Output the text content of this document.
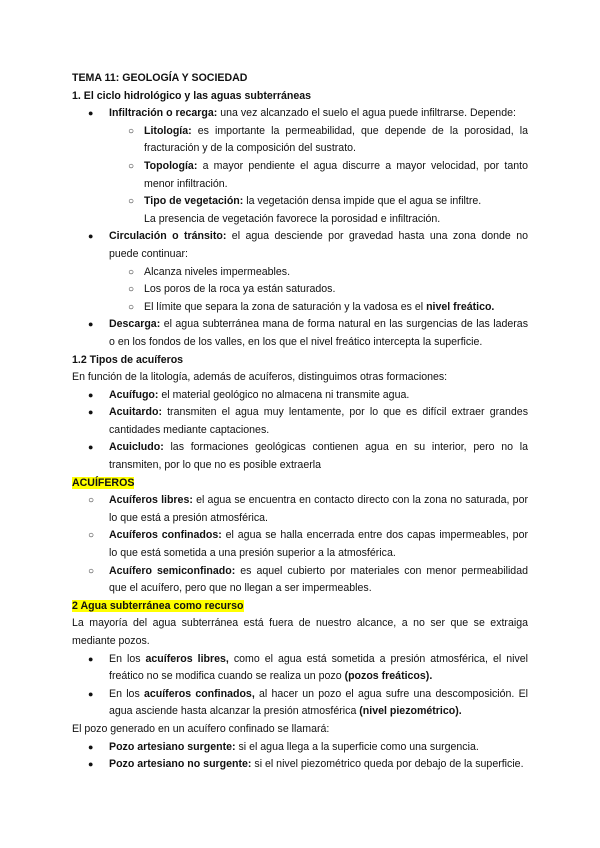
TEMA 11: GEOLOGÍA Y SOCIEDAD

1. El ciclo hidrológico y las aguas subterráneas

● Infiltración o recarga: una vez alcanzado el suelo el agua puede infiltrarse. Depende:

○ Litología: es importante la permeabilidad, que depende de la porosidad, la fracturación y de la composición del sustrato.

○ Topología: a mayor pendiente el agua discurre a mayor velocidad, por tanto menor infiltración.

○ Tipo de vegetación: la vegetación densa impide que el agua se infiltre.

La presencia de vegetación favorece la porosidad e infiltración.

● Circulación o tránsito: el agua desciende por gravedad hasta una zona donde no puede continuar:

○ Alcanza niveles impermeables.

○ Los poros de la roca ya están saturados.

○ El límite que separa la zona de saturación y la vadosa es el nivel freático.

● Descarga: el agua subterránea mana de forma natural en las surgencias de las laderas o en los fondos de los valles, en los que el nivel freático intercepta la superficie.

1.2 Tipos de acuíferos

En función de la litología, además de acuíferos, distinguimos otras formaciones:

● Acuífugo: el material geológico no almacena ni transmite agua.

● Acuitardo: transmiten el agua muy lentamente, por lo que es difícil extraer grandes cantidades mediante captaciones.

● Acuicludo: las formaciones geológicas contienen agua en su interior, pero no la transmiten, por lo que no es posible extraerla

ACUÍFEROS

○ Acuíferos libres: el agua se encuentra en contacto directo con la zona no saturada, por lo que está a presión atmosférica.

○ Acuíferos confinados: el agua se halla encerrada entre dos capas impermeables, por lo que está sometida a una presión superior a la atmosférica.

○ Acuífero semiconfinado: es aquel cubierto por materiales con menor permeabilidad que el acuífero, pero que no llegan a ser impermeables.

2 Agua subterránea como recurso

La mayoría del agua subterránea está fuera de nuestro alcance, a no ser que se extraiga mediante pozos.

● En los acuíferos libres, como el agua está sometida a presión atmosférica, el nivel freático no se modifica cuando se realiza un pozo (pozos freáticos).

● En los acuíferos confinados, al hacer un pozo el agua sufre una descomposición. El agua asciende hasta alcanzar la presión atmosférica (nivel piezométrico).

El pozo generado en un acuífero confinado se llamará:

● Pozo artesiano surgente: si el agua llega a la superficie como una surgencia.

● Pozo artesiano no surgente: si el nivel piezométrico queda por debajo de la superficie.
